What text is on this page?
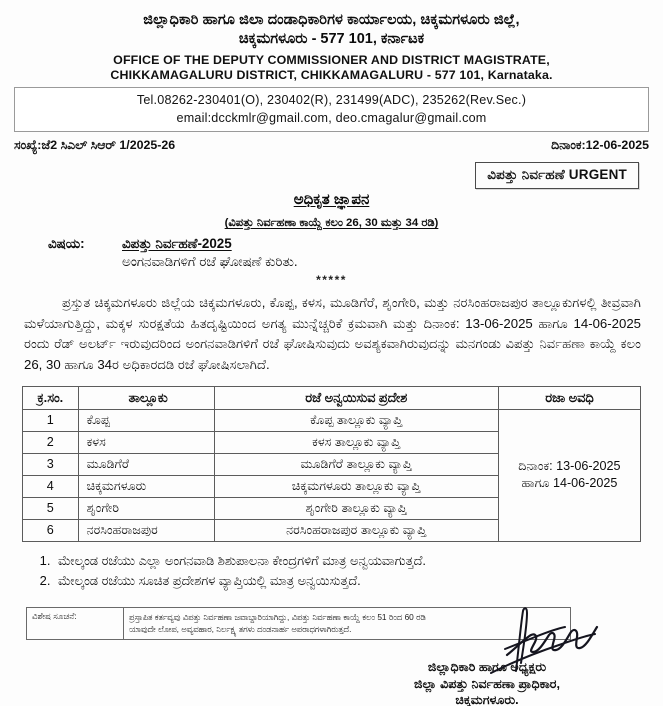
ಜಿಲ್ಲಾಧಿಕಾರಿ ಹಾಗೂ ಜಿಲಾ ದಂಡಾಧಿಕಾರಿಗಳ ಕಾರ್ಯಾಲಯ, ಚಿಕ್ಕಮಗಳೂರು ಜಿಲ್ಲೆ,
ಚಿಕ್ಕಮಗಳೂರು - 577 101, ಕರ್ನಾಟಕ
OFFICE OF THE DEPUTY COMMISSIONER AND DISTRICT MAGISTRATE,
CHIKKAMAGALURU DISTRICT, CHIKKAMAGALURU - 577 101, Karnataka.
Tel.08262-230401(O), 230402(R), 231499(ADC), 235262(Rev.Sec.)
email:dcckmlr@gmail.com, deo.cmagalur@gmail.com
ಸಂಖ್ಯೆ:ಜೆ2 ಸಿಎಲ್ ಸಿಆರ್ 1/2025-26	ದಿನಾಂಕ:12-06-2025
ವಿಪತ್ತು ನಿರ್ವಹಣೆ URGENT
ಅಧಿಕೃತ ಜ್ಞಾಪನ
(ವಿಪತ್ತು ನಿರ್ವಹಣಾ ಕಾಯ್ದೆ ಕಲಂ 26, 30 ಮತ್ತು 34 ರಡಿ)
ವಿಷಯ:	ವಿಪತ್ತು ನಿರ್ವಹಣೆ-2025
ಅಂಗನವಾಡಿಗಳಿಗೆ ರಜೆ ಘೋಷಣೆ ಕುರಿತು.
*****
ಪ್ರಸ್ತುತ ಚಿಕ್ಕಮಗಳೂರು ಜಿಲ್ಲೆಯ ಚಿಕ್ಕಮಗಳೂರು, ಕೊಪ್ಪ, ಕಳಸ, ಮೂಡಿಗೆರೆ, ಶೃಂಗೇರಿ, ಮತ್ತು ನರಸಿಂಹರಾಜಪುರ ತಾಲ್ಲೂಕುಗಳಲ್ಲಿ ತೀವ್ರವಾಗಿ ಮಳೆಯಾಗುತ್ತಿದ್ದು, ಮಕ್ಕಳ ಸುರಕ್ಷತೆಯ ಹಿತದೃಷ್ಟಿಯಿಂದ ಅಗತ್ಯ ಮುನ್ನೆಚ್ಚರಿಕೆ ಕ್ರಮವಾಗಿ ಮತ್ತು ದಿನಾಂಕ: 13-06-2025 ಹಾಗೂ 14-06-2025 ರಂದು ರೆಡ್ ಅಲರ್ಟ್ ಇರುವುದರಿಂದ ಅಂಗನವಾಡಿಗಳಿಗೆ ರಜೆ ಘೋಷಿಸುವುದು ಅವಶ್ಯಕವಾಗಿರುವುದನ್ನು ಮನಗಂಡು ವಿಪತ್ತು ನಿರ್ವಹಣಾ ಕಾಯ್ದೆ ಕಲಂ 26, 30 ಹಾಗೂ 34ರ ಅಧಿಕಾರದಡಿ ರಜೆ ಘೋಷಿಸಲಾಗಿದೆ.
ಕ್ರ.ಸಂ.	ತಾಲ್ಲೂಕು	ರಜೆ ಅನ್ವಯಿಸುವ ಪ್ರದೇಶ	ರಜಾ ಅವಧಿ
1	ಕೊಪ್ಪ	ಕೊಪ್ಪ ತಾಲ್ಲೂಕು ವ್ಯಾಪ್ತಿ	ದಿನಾಂಕ: 13-06-2025
ಹಾಗೂ 14-06-2025

2	ಕಳಸ	ಕಳಸ ತಾಲ್ಲೂಕು ವ್ಯಾಪ್ತಿ	
3	ಮೂಡಿಗೆರೆ	ಮೂಡಿಗೆರೆ ತಾಲ್ಲೂಕು ವ್ಯಾಪ್ತಿ	
4	ಚಿಕ್ಕಮಗಳೂರು	ಚಿಕ್ಕಮಗಳೂರು ತಾಲ್ಲೂಕು ವ್ಯಾಪ್ತಿ	
5	ಶೃಂಗೇರಿ	ಶೃಂಗೇರಿ ತಾಲ್ಲೂಕು ವ್ಯಾಪ್ತಿ	
6	ನರಸಿಂಹರಾಜಪುರ	ನರಸಿಂಹರಾಜಪುರ ತಾಲ್ಲೂಕು ವ್ಯಾಪ್ತಿ	
1. ಮೇಲ್ಕಂಡ ರಜೆಯು ಎಲ್ಲಾ ಅಂಗನವಾಡಿ ಶಿಶುಪಾಲನಾ ಕೇಂದ್ರಗಳಿಗೆ ಮಾತ್ರ ಅನ್ವಯವಾಗುತ್ತದೆ.
2. ಮೇಲ್ಕಂಡ ರಜೆಯು ಸೂಚಿತ ಪ್ರದೇಶಗಳ ವ್ಯಾಪ್ತಿಯಲ್ಲಿ ಮಾತ್ರ ಅನ್ವಯಿಸುತ್ತದೆ.
ವಿಶೇಷ ಸೂಚನೆ:	ಪ್ರಸ್ತಾಪಿತ ಕರ್ತವ್ಯವು ವಿಪತ್ತು ನಿರ್ವಹಣಾ ಜವಾಬ್ದಾರಿಯಾಗಿದ್ದು, ವಿಪತ್ತು ನಿರ್ವಹಣಾ ಕಾಯ್ದೆ ಕಲಂ 51 ರಿಂದ 60 ರಡಿ
ಯಾವುದೇ ಲೋಪ, ಅವ್ಯವಹಾರ, ನಿರ್ಲಕ್ಷ್ಯ ತಗಳು ದಂಡನಾರ್ಹ ಅಪರಾಧಗಳಾಗಿರುತ್ತದೆ.
ಜಿಲ್ಲಾಧಿಕಾರಿ ಹಾಗೂ ಅಧ್ಯಕ್ಷರು
ಜಿಲ್ಲಾ ವಿಪತ್ತು ನಿರ್ವಹಣಾ ಪ್ರಾಧಿಕಾರ,
ಚಿಕ್ಕಮಗಳೂರು.
